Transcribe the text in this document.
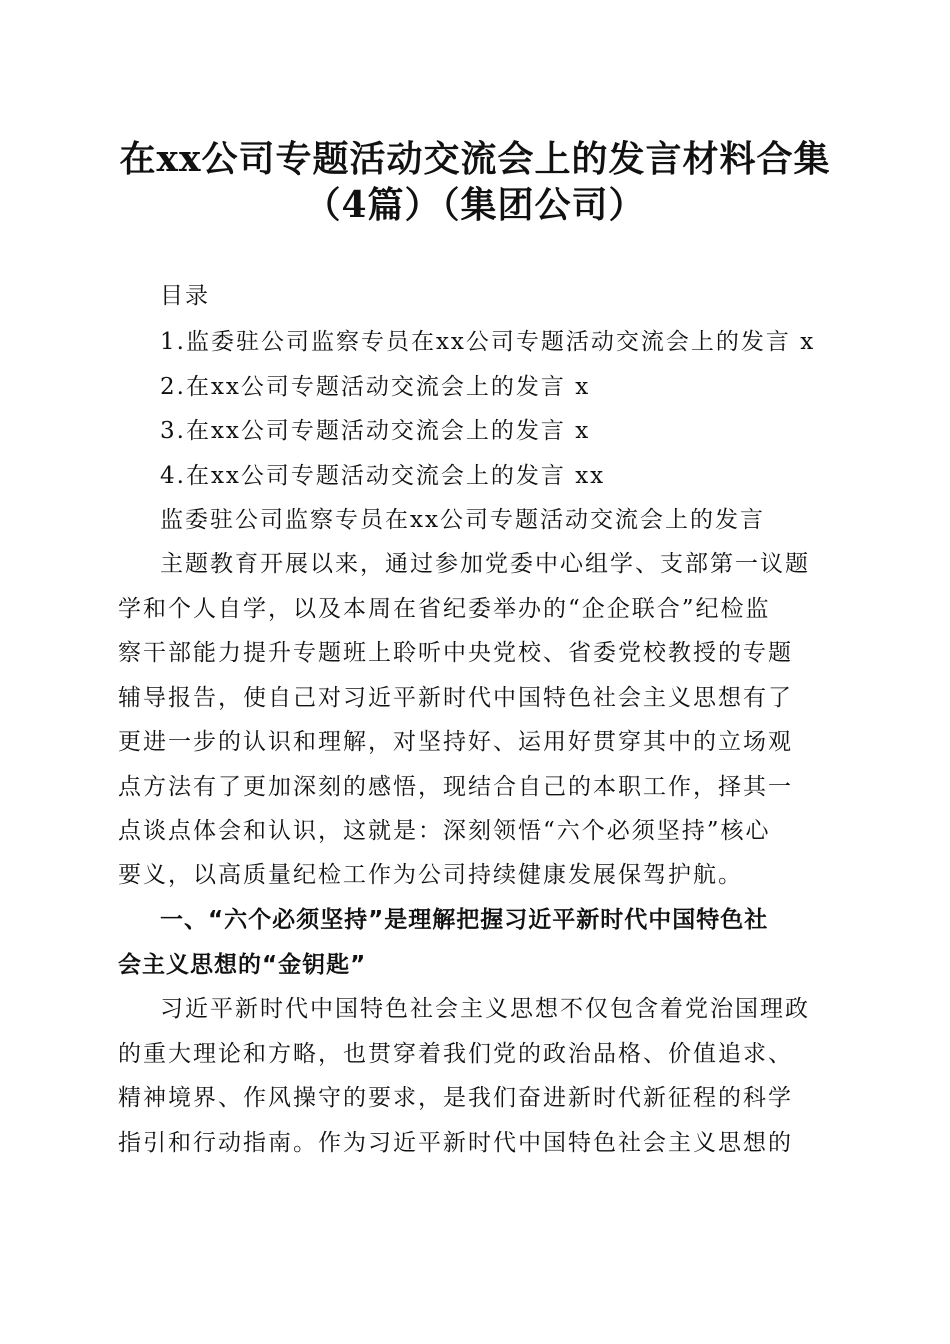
在xx公司专题活动交流会上的发言材料合集
（4篇）（集团公司）

目录

1.监委驻公司监察专员在xx公司专题活动交流会上的发言 x

2.在xx公司专题活动交流会上的发言 x

3.在xx公司专题活动交流会上的发言 x

4.在xx公司专题活动交流会上的发言 xx

监委驻公司监察专员在xx公司专题活动交流会上的发言

主题教育开展以来，通过参加党委中心组学、支部第一议题

学和个人自学，以及本周在省纪委举办的“企企联合”纪检监

察干部能力提升专题班上聆听中央党校、省委党校教授的专题

辅导报告，使自己对习近平新时代中国特色社会主义思想有了

更进一步的认识和理解，对坚持好、运用好贯穿其中的立场观

点方法有了更加深刻的感悟，现结合自己的本职工作，择其一

点谈点体会和认识，这就是：深刻领悟“六个必须坚持”核心

要义，以高质量纪检工作为公司持续健康发展保驾护航。

一、“六个必须坚持”是理解把握习近平新时代中国特色社

会主义思想的“金钥匙”

习近平新时代中国特色社会主义思想不仅包含着党治国理政

的重大理论和方略，也贯穿着我们党的政治品格、价值追求、

精神境界、作风操守的要求，是我们奋进新时代新征程的科学

指引和行动指南。作为习近平新时代中国特色社会主义思想的
